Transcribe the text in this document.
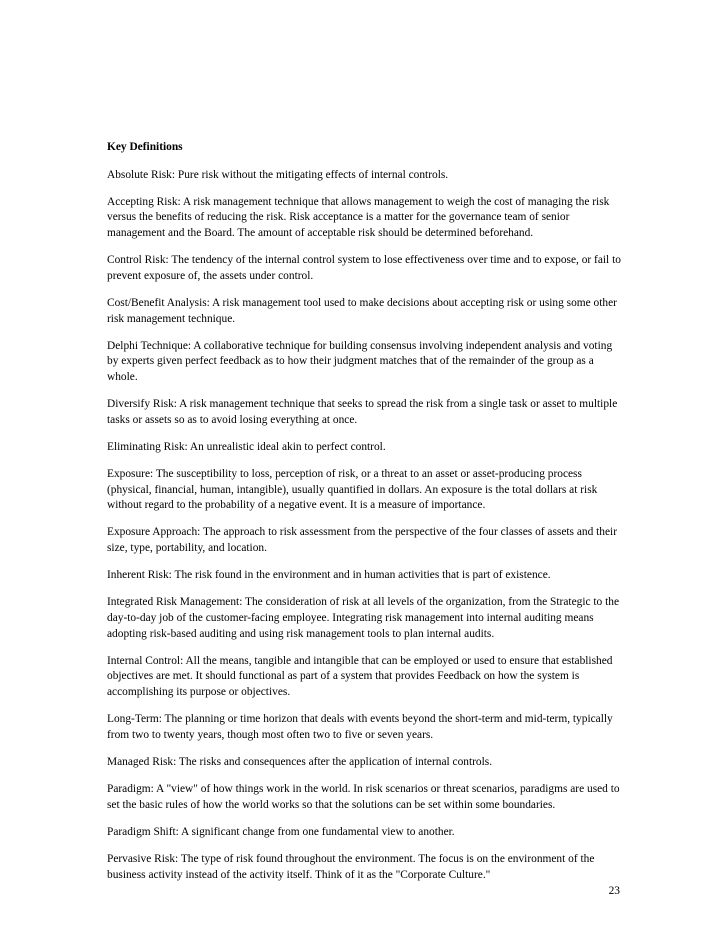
Key Definitions
Absolute Risk: Pure risk without the mitigating effects of internal controls.
Accepting Risk: A risk management technique that allows management to weigh the cost of managing the risk versus the benefits of reducing the risk. Risk acceptance is a matter for the governance team of senior management and the Board. The amount of acceptable risk should be determined beforehand.
Control Risk: The tendency of the internal control system to lose effectiveness over time and to expose, or fail to prevent exposure of, the assets under control.
Cost/Benefit Analysis: A risk management tool used to make decisions about accepting risk or using some other risk management technique.
Delphi Technique: A collaborative technique for building consensus involving independent analysis and voting by experts given perfect feedback as to how their judgment matches that of the remainder of the group as a whole.
Diversify Risk: A risk management technique that seeks to spread the risk from a single task or asset to multiple tasks or assets so as to avoid losing everything at once.
Eliminating Risk: An unrealistic ideal akin to perfect control.
Exposure: The susceptibility to loss, perception of risk, or a threat to an asset or asset-producing process (physical, financial, human, intangible), usually quantified in dollars. An exposure is the total dollars at risk without regard to the probability of a negative event. It is a measure of importance.
Exposure Approach: The approach to risk assessment from the perspective of the four classes of assets and their size, type, portability, and location.
Inherent Risk: The risk found in the environment and in human activities that is part of existence.
Integrated Risk Management: The consideration of risk at all levels of the organization, from the Strategic to the day-to-day job of the customer-facing employee. Integrating risk management into internal auditing means adopting risk-based auditing and using risk management tools to plan internal audits.
Internal Control: All the means, tangible and intangible that can be employed or used to ensure that established objectives are met. It should functional as part of a system that provides Feedback on how the system is accomplishing its purpose or objectives.
Long-Term: The planning or time horizon that deals with events beyond the short-term and mid-term, typically from two to twenty years, though most often two to five or seven years.
Managed Risk: The risks and consequences after the application of internal controls.
Paradigm: A "view" of how things work in the world. In risk scenarios or threat scenarios, paradigms are used to set the basic rules of how the world works so that the solutions can be set within some boundaries.
Paradigm Shift: A significant change from one fundamental view to another.
Pervasive Risk: The type of risk found throughout the environment. The focus is on the environment of the business activity instead of the activity itself. Think of it as the "Corporate Culture."
23
